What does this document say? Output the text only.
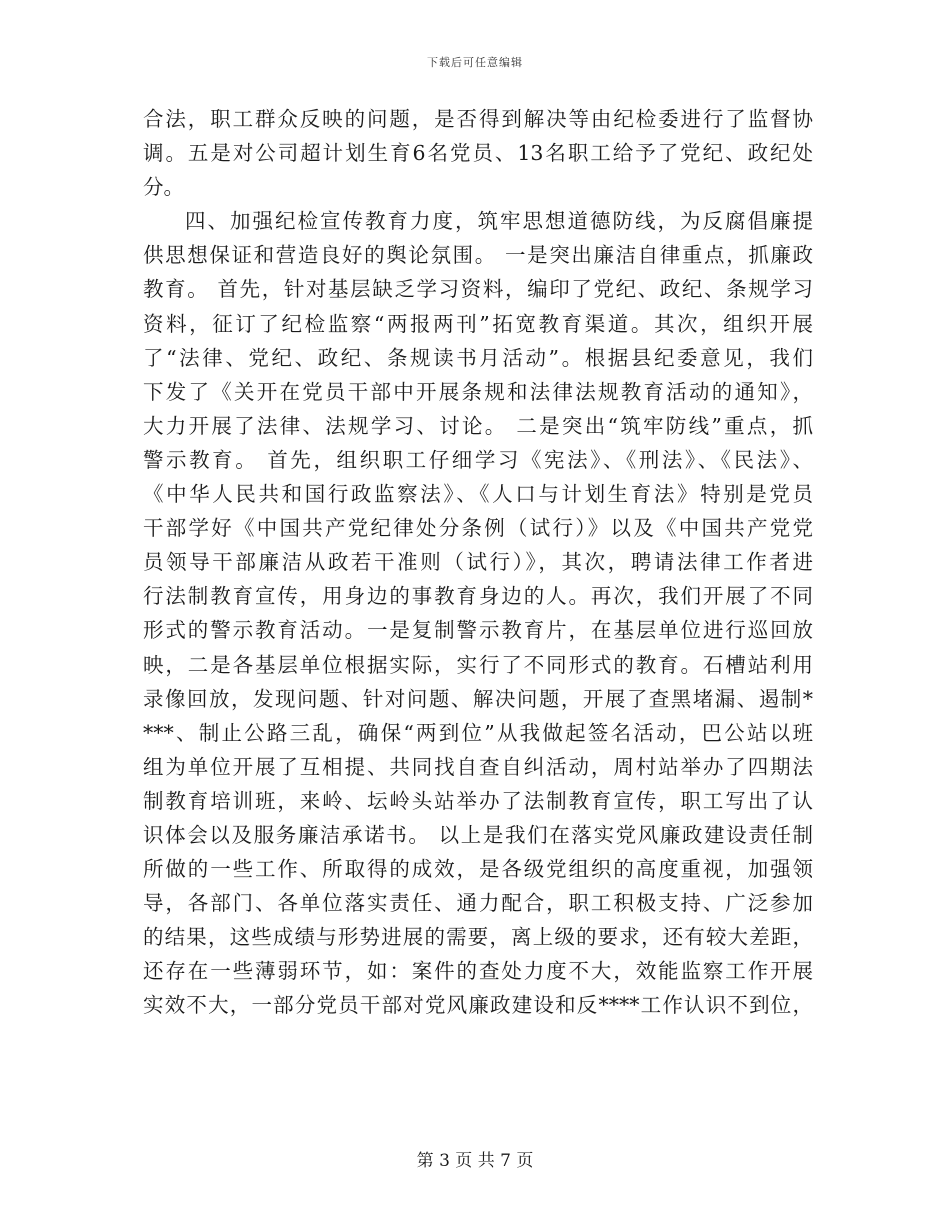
下载后可任意编辑
合法，职工群众反映的问题，是否得到解决等由纪检委进行了监督协
调。五是对公司超计划生育6名党员、13名职工给予了党纪、政纪处
分。
四、加强纪检宣传教育力度，筑牢思想道德防线，为反腐倡廉提
供思想保证和营造良好的舆论氛围。 一是突出廉洁自律重点，抓廉政
教育。 首先，针对基层缺乏学习资料，编印了党纪、政纪、条规学习
资料，征订了纪检监察“两报两刊”拓宽教育渠道。其次，组织开展
了“法律、党纪、政纪、条规读书月活动”。根据县纪委意见，我们
下发了《关开在党员干部中开展条规和法律法规教育活动的通知》，
大力开展了法律、法规学习、讨论。 二是突出“筑牢防线”重点，抓
警示教育。 首先，组织职工仔细学习《宪法》、《刑法》、《民法》、
《中华人民共和国行政监察法》、《人口与计划生育法》特别是党员
干部学好《中国共产党纪律处分条例（试行）》以及《中国共产党党
员领导干部廉洁从政若干准则（试行）》，其次，聘请法律工作者进
行法制教育宣传，用身边的事教育身边的人。再次，我们开展了不同
形式的警示教育活动。一是复制警示教育片，在基层单位进行巡回放
映，二是各基层单位根据实际，实行了不同形式的教育。石槽站利用
录像回放，发现问题、针对问题、解决问题，开展了查黑堵漏、遏制*
***、制止公路三乱，确保“两到位”从我做起签名活动，巴公站以班
组为单位开展了互相提、共同找自查自纠活动，周村站举办了四期法
制教育培训班，来岭、坛岭头站举办了法制教育宣传，职工写出了认
识体会以及服务廉洁承诺书。 以上是我们在落实党风廉政建设责任制
所做的一些工作、所取得的成效，是各级党组织的高度重视，加强领
导，各部门、各单位落实责任、通力配合，职工积极支持、广泛参加
的结果，这些成绩与形势进展的需要，离上级的要求，还有较大差距，
还存在一些薄弱环节，如：案件的查处力度不大，效能监察工作开展
实效不大，一部分党员干部对党风廉政建设和反****工作认识不到位，
第 3 页 共 7 页
